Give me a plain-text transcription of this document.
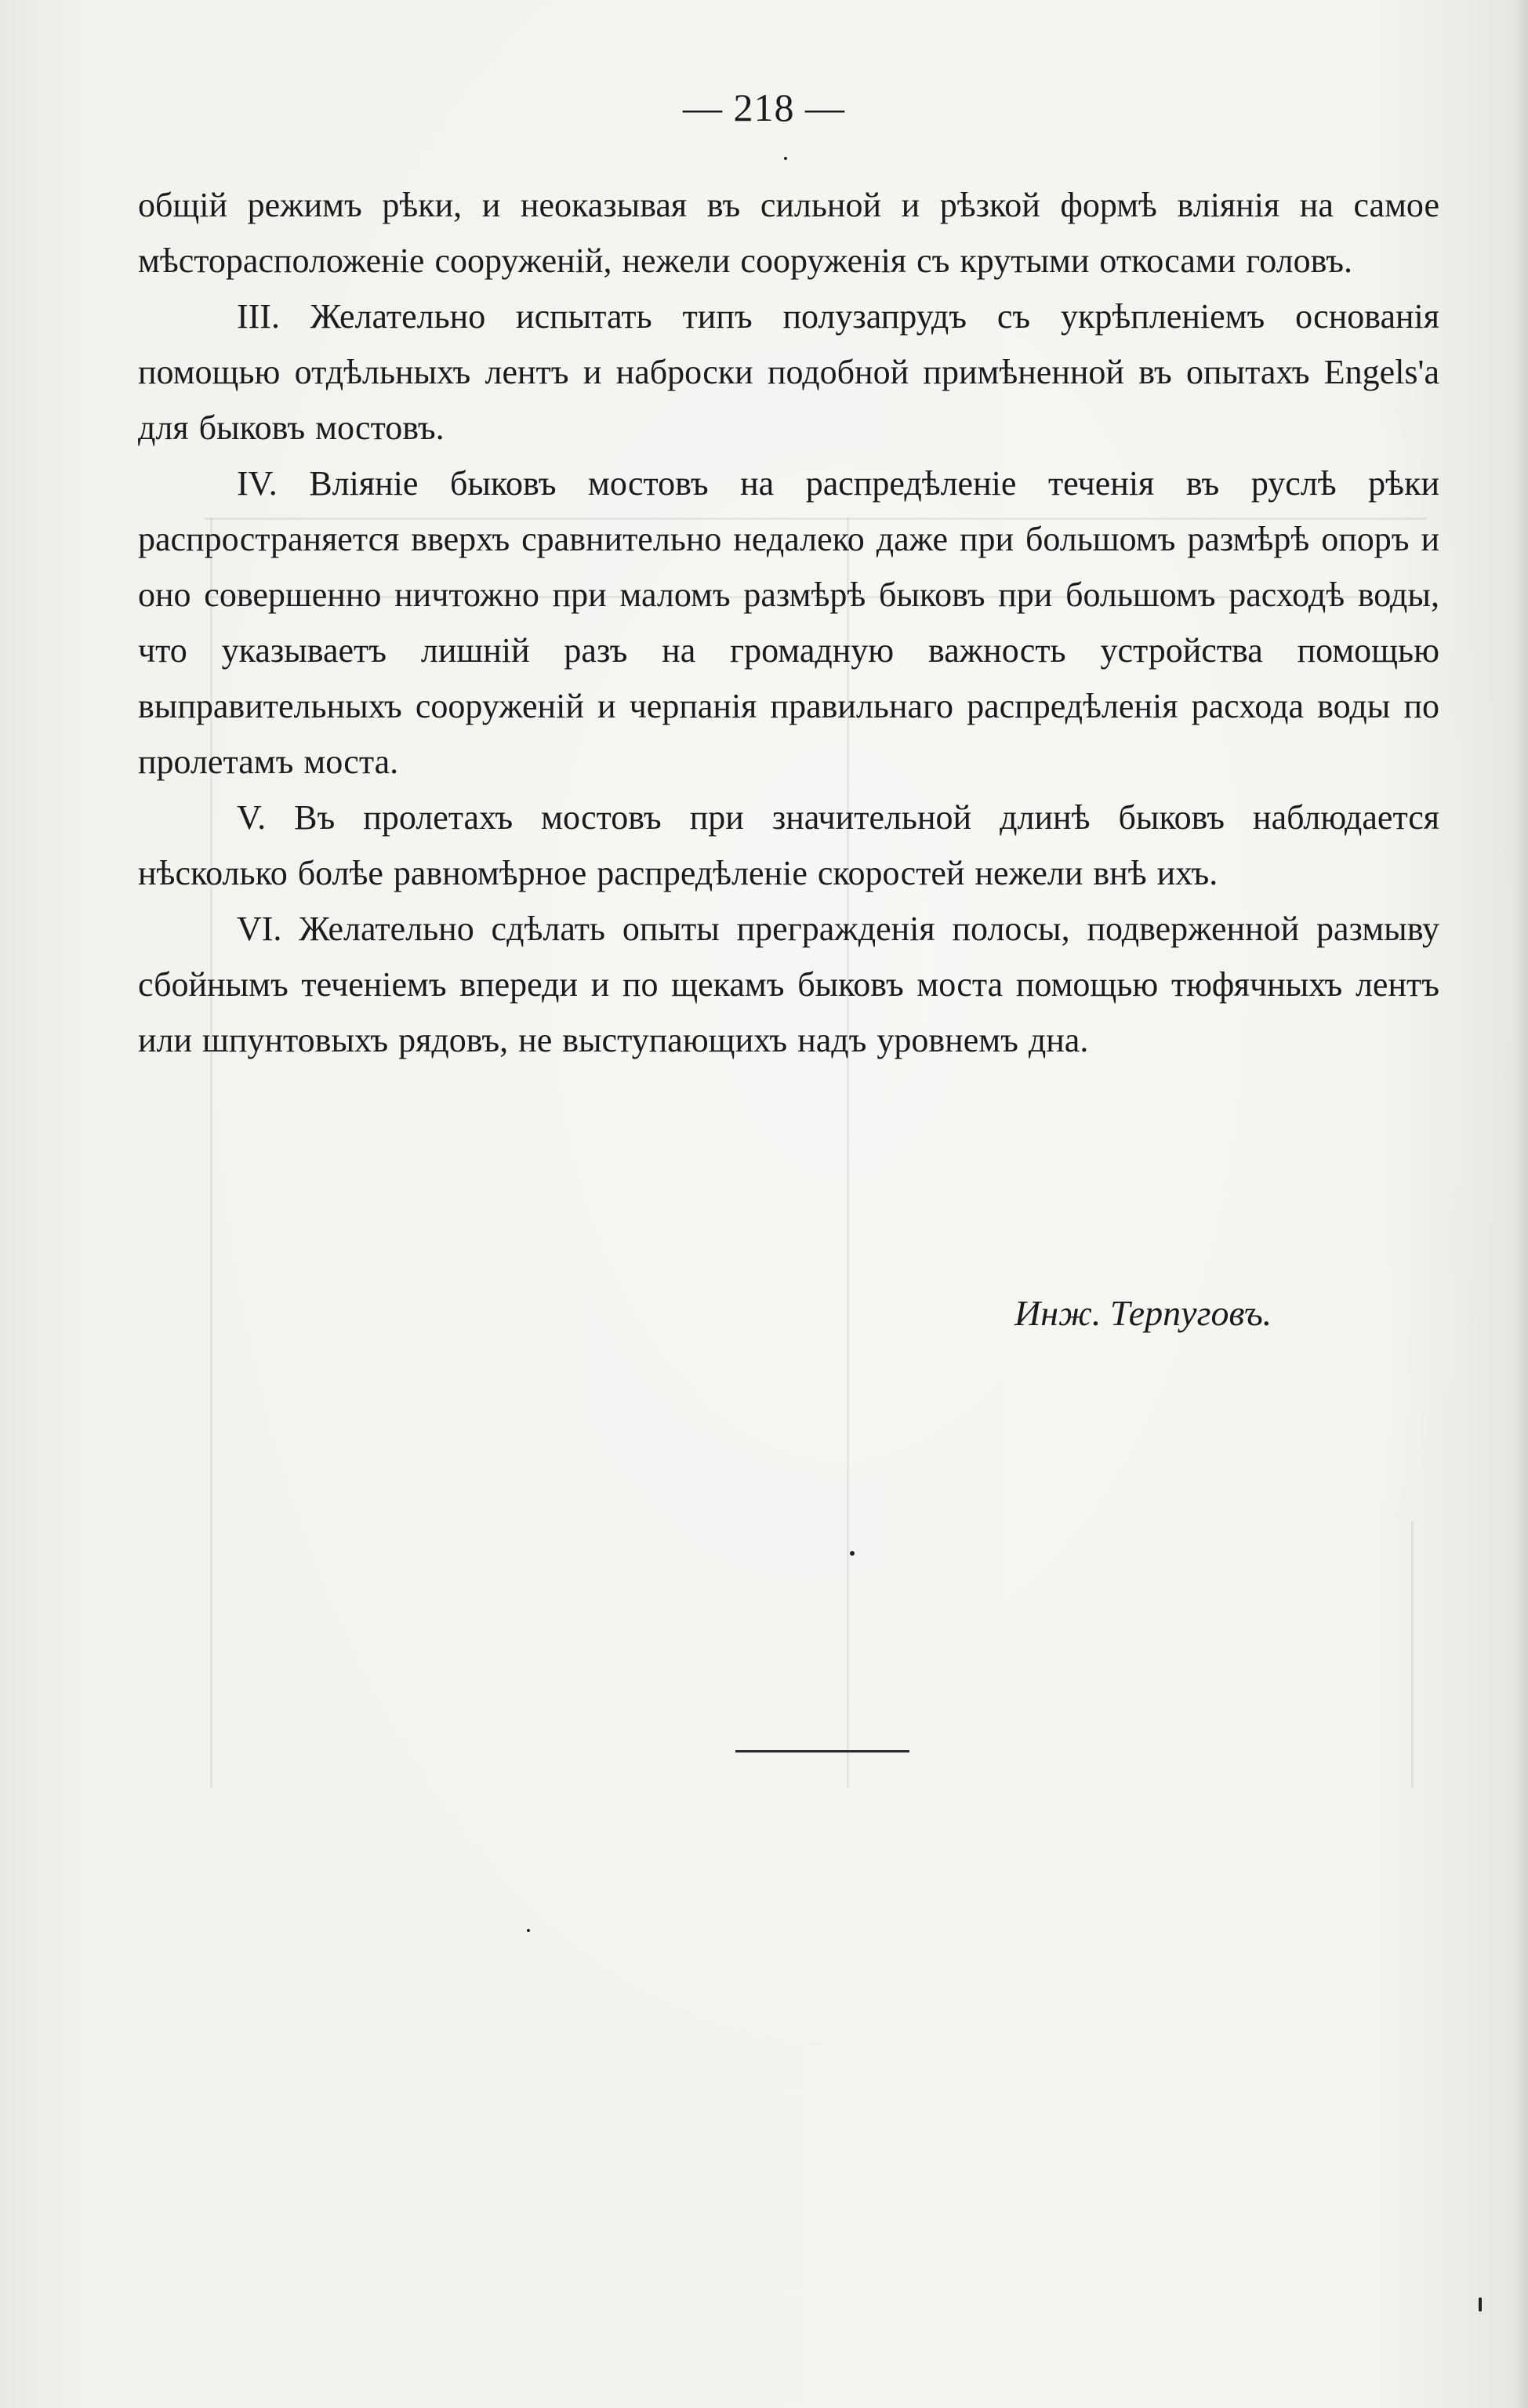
— 218 —

общій режимъ рѣки, и неоказывая въ сильной и рѣзкой формѣ вліянія на самое мѣсторасположеніе сооруженій, нежели сооруженія съ крутыми откосами головъ.

III. Желательно испытать типъ полузапрудъ съ укрѣпленіемъ основанія помощью отдѣльныхъ лентъ и наброски подобной примѣненной въ опытахъ Engels'а для быковъ мостовъ.

IV. Вліяніе быковъ мостовъ на распредѣленіе теченія въ руслѣ рѣки распространяется вверхъ сравнительно недалеко даже при большомъ размѣрѣ опоръ и оно совершенно ничтожно при маломъ размѣрѣ быковъ при большомъ расходѣ воды, что указываетъ лишній разъ на громадную важность устройства помощью выправительныхъ сооруженій и черпанія правильнаго распредѣленія расхода воды по пролетамъ моста.

V. Въ пролетахъ мостовъ при значительной длинѣ быковъ наблюдается нѣсколько болѣе равномѣрное распредѣленіе скоростей нежели внѣ ихъ.

VI. Желательно сдѣлать опыты прегражденія полосы, подверженной размыву сбойнымъ теченіемъ впереди и по щекамъ быковъ моста помощью тюфячныхъ лентъ или шпунтовыхъ рядовъ, не выступающихъ надъ уровнемъ дна.

Инж. Терпуговъ.
